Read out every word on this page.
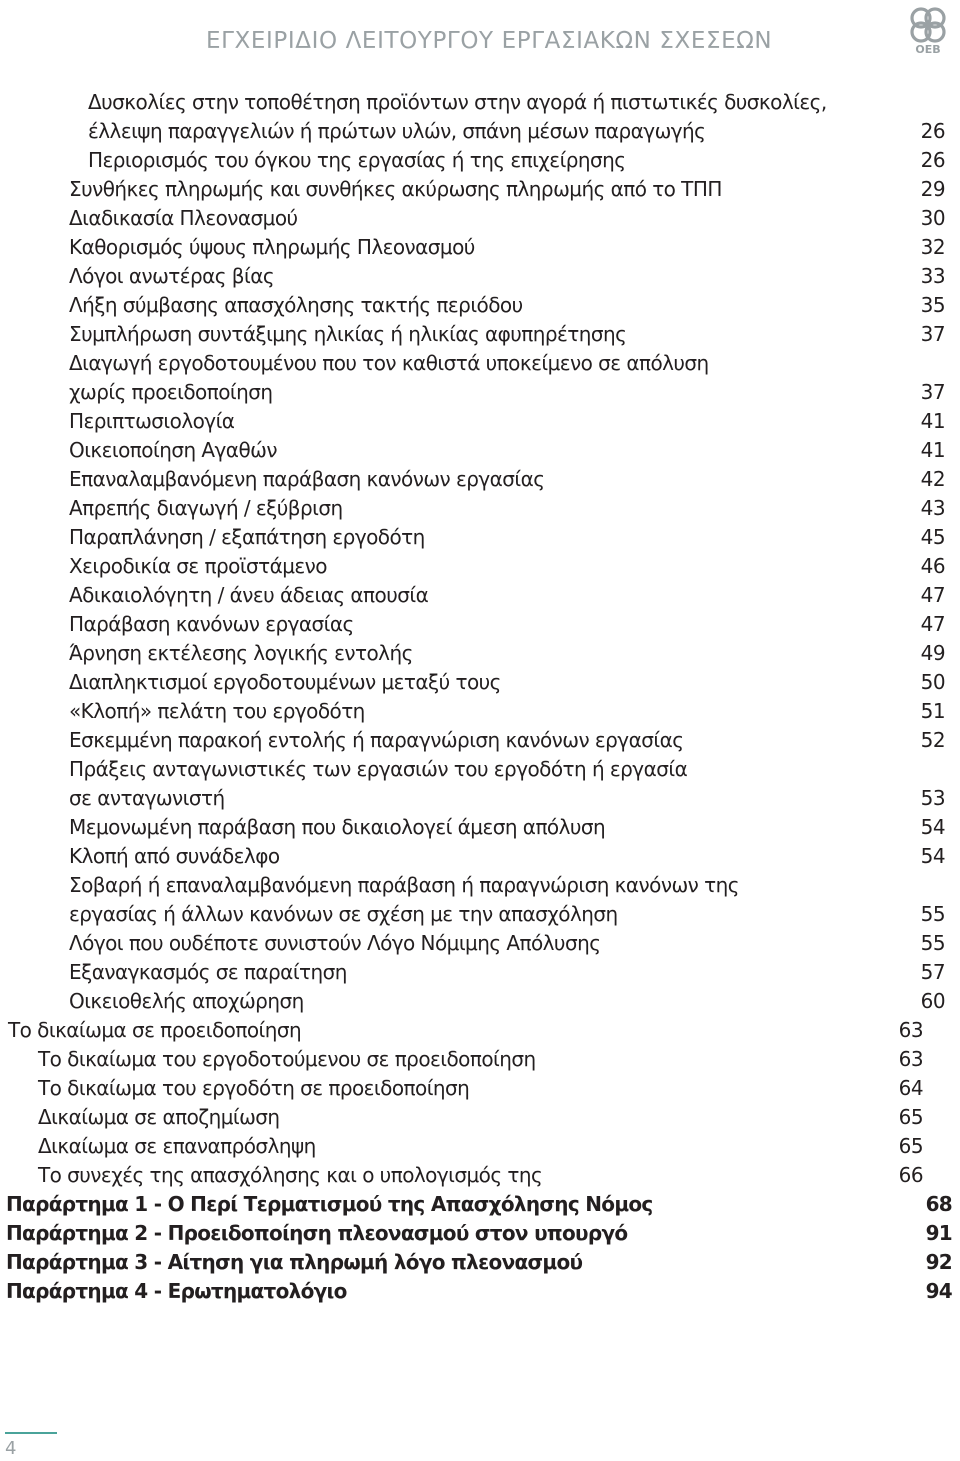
ΕΓΧΕΙΡΙΔΙΟ ΛΕΙΤΟΥΡΓΟΥ ΕΡΓΑΣΙΑΚΩΝ ΣΧΕΣΕΩΝ	OEB
Δυσκολίες στην τοποθέτηση προϊόντων στην αγορά ή πιστωτικές δυσκολίες,
έλλειψη παραγγελιών ή πρώτων υλών, σπάνη μέσων παραγωγής	26
Περιορισμός του όγκου της εργασίας ή της επιχείρησης	26
Συνθήκες πληρωμής και συνθήκες ακύρωσης πληρωμής από το ΤΠΠ	29
Διαδικασία Πλεονασμού	30
Καθορισμός ύψους πληρωμής Πλεονασμού	32
Λόγοι ανωτέρας βίας	33
Λήξη σύμβασης απασχόλησης τακτής περιόδου	35
Συμπλήρωση συντάξιμης ηλικίας ή ηλικίας αφυπηρέτησης	37
Διαγωγή εργοδοτουμένου που τον καθιστά υποκείμενο σε απόλυση
χωρίς προειδοποίηση	37
Περιπτωσιολογία	41
Οικειοποίηση Αγαθών	41
Επαναλαμβανόμενη παράβαση κανόνων εργασίας	42
Απρεπής διαγωγή / εξύβριση	43
Παραπλάνηση / εξαπάτηση εργοδότη	45
Χειροδικία σε προϊστάμενο	46
Αδικαιολόγητη / άνευ άδειας απουσία	47
Παράβαση κανόνων εργασίας	47
Άρνηση εκτέλεσης λογικής εντολής	49
Διαπληκτισμοί εργοδοτουμένων μεταξύ τους	50
«Κλοπή» πελάτη του εργοδότη	51
Εσκεμμένη παρακοή εντολής ή παραγνώριση κανόνων εργασίας	52
Πράξεις ανταγωνιστικές των εργασιών του εργοδότη ή εργασία
σε ανταγωνιστή	53
Μεμονωμένη παράβαση που δικαιολογεί άμεση απόλυση	54
Κλοπή από συνάδελφο	54
Σοβαρή ή επαναλαμβανόμενη παράβαση ή παραγνώριση κανόνων της
εργασίας ή άλλων κανόνων σε σχέση με την απασχόληση	55
Λόγοι που ουδέποτε συνιστούν Λόγο Νόμιμης Απόλυσης	55
Εξαναγκασμός σε παραίτηση	57
Οικειοθελής αποχώρηση	60
Το δικαίωμα σε προειδοποίηση	63
Το δικαίωμα του εργοδοτούμενου σε προειδοποίηση	63
Το δικαίωμα του εργοδότη σε προειδοποίηση	64
Δικαίωμα σε αποζημίωση	65
Δικαίωμα σε επαναπρόσληψη	65
Το συνεχές της απασχόλησης και ο υπολογισμός της	66
Παράρτημα 1 - Ο Περί Τερματισμού της Απασχόλησης Νόμος	68
Παράρτημα 2 - Προειδοποίηση πλεονασμού στον υπουργό	91
Παράρτημα 3 - Αίτηση για πληρωμή λόγο πλεονασμού	92
Παράρτημα 4 - Ερωτηματολόγιο	94
4
